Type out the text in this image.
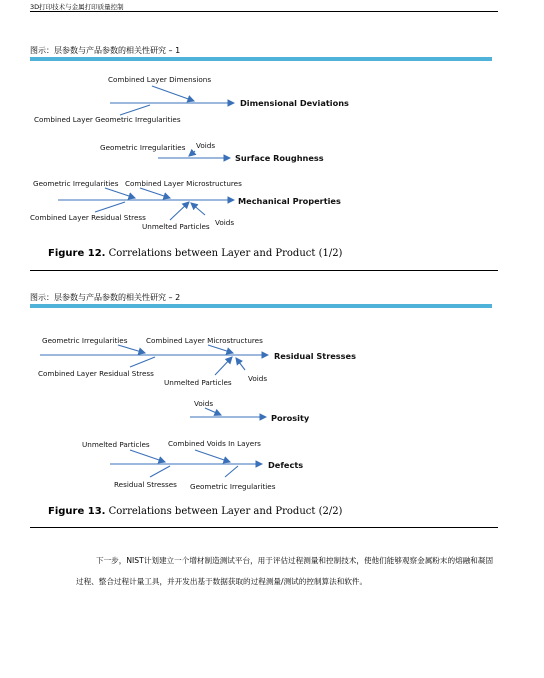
3D打印技术与金属打印质量控制
图示：层参数与产品参数的相关性研究 – 1
Combined Layer Dimensions
Combined Layer Geometric Irregularities
Dimensional Deviations
Geometric Irregularities Voids
Surface Roughness
Geometric Irregularities Combined Layer Microstructures
Combined Layer Residual Stress
Unmelted Particles Voids
Mechanical Properties
Figure 12. Correlations between Layer and Product (1/2)
图示：层参数与产品参数的相关性研究 – 2
Geometric Irregularities	Combined Layer Microstructures
Combined Layer Residual Stress
Unmelted Particles Voids
Residual Stresses
Voids
Porosity
Unmelted Particles	Combined Voids In Layers
Residual Stresses Geometric Irregularities
Defects
Figure 13. Correlations between Layer and Product (2/2)
下一步，NIST计划建立一个增材制造测试平台，用于评估过程测量和控制技术，使他们能够观察金属粉末的熔融和凝固过程、整合过程计量工具，并开发出基于数据获取的过程测量/测试的控制算法和软件。
